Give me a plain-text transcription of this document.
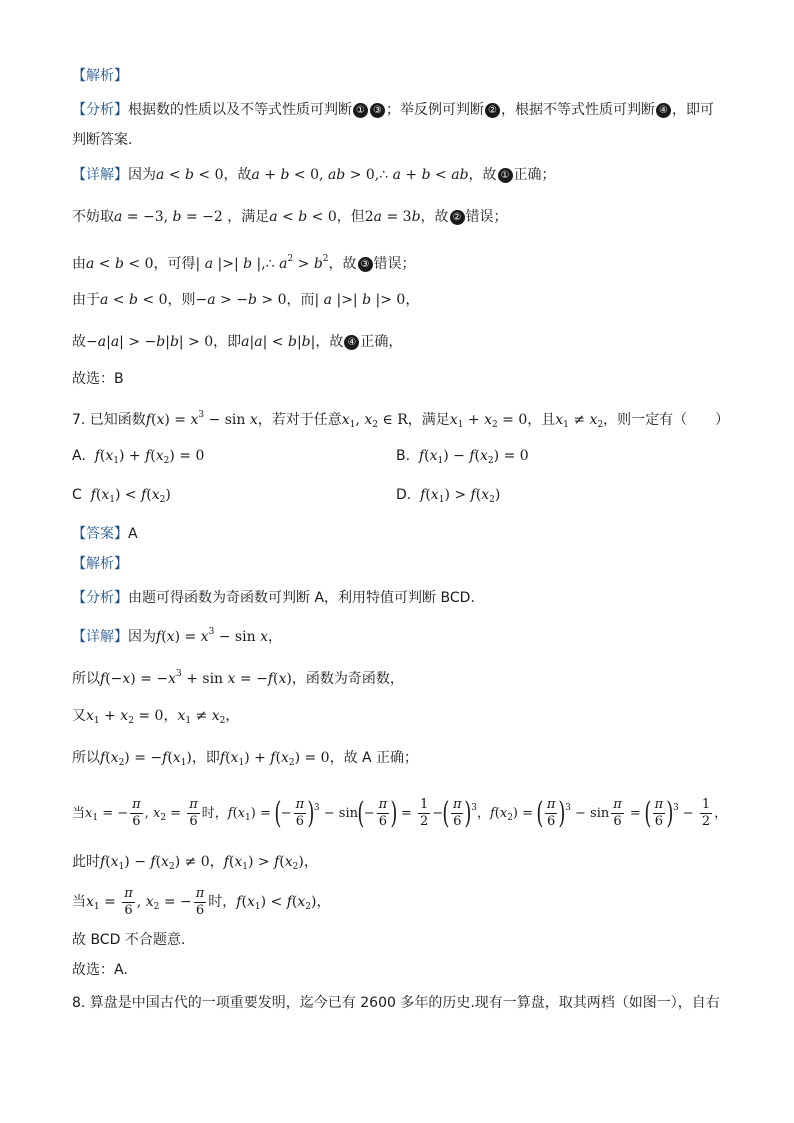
【解析】
【分析】根据数的性质以及不等式性质可判断 ① ③ ；举反例可判断 ② ，根据不等式性质可判断 ④ ，即可
判断答案.
【详解】因为a < b < 0，故a + b < 0, ab > 0,∴ a + b < ab，故 ① 正确；
不妨取a = −3, b = −2 ，满足a < b < 0，但2a = 3b，故 ② 错误；
由a < b < 0，可得| a |>| b |,∴ $a^2 > b^2$，故 ③ 错误；
由于a < b < 0，则−a > −b > 0，而| a |>| b |> 0，
故−a|a| > −b|b| > 0，即a|a| < b|b|，故 ④ 正确，
故选：B
7. 已知函数$f(x) = x^3 - \sin x$，若对于任意$x_1$, $x_2$ ∈ R，满足$x_1 + x_2 = 0$，且$x_1 \ne x_2$，则一定有（　　）
A. $f(x_1) + f(x_2) = 0$	B. $f(x_1) - f(x_2) = 0$
C $f(x_1) < f(x_2)$	D. $f(x_1) > f(x_2)$
【答案】A
【解析】
【分析】由题可得函数为奇函数可判断 A，利用特值可判断 BCD.
【详解】因为$f(x) = x^3 - \sin x$，
所以$f(-x) = -x^3 + \sin x = -f(x)$，函数为奇函数，
又$x_1 + x_2 = 0$，$x_1 \ne x_2$，
所以$f(x_2) = -f(x_1)$，即$f(x_1) + f(x_2) = 0$，故 A 正确；
当$x_1$ = − $\frac{\pi}{6}$ , $x_2 = \frac{\pi}{6}$ 时，$f(x_1)$ = (− $\frac{\pi}{6} )^3 - \sin(- \frac{\pi}{6}$ ) = $\frac{1}{2}$ −( $\frac{\pi}{6} )^3$，$f(x_2)$ = ( $\frac{\pi}{6} )^3 - \sin \frac{\pi}{6}$ = ( $\frac{\pi}{6} )^3 - \frac{1}{2}$ ，
此时$f(x_1) - f(x_2) \ne 0$，$f(x_1) > f(x_2)$，
当$x_1 = \frac{\pi}{6}$ , $x_2$ = − $\frac{\pi}{6}$ 时，$f(x_1) < f(x_2)$，
故 BCD 不合题意.
故选：A.
8. 算盘是中国古代的一项重要发明，迄今已有 2600 多年的历史.现有一算盘，取其两档（如图一），自右
